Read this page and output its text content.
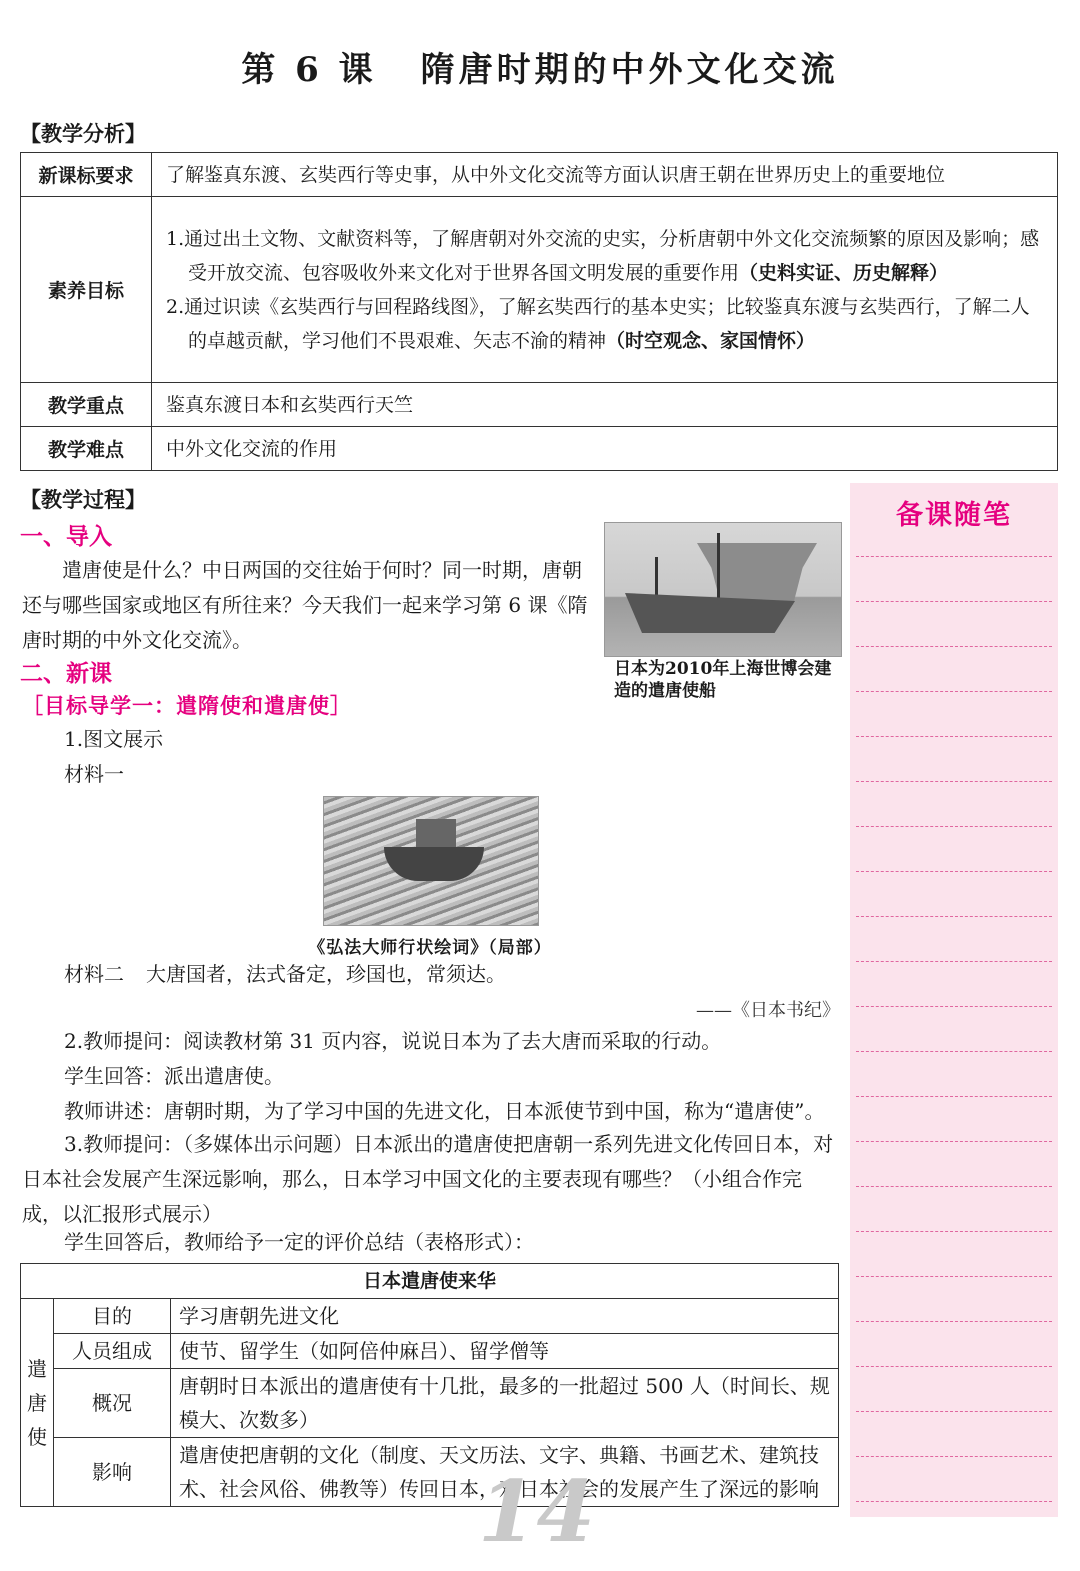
第 6 课 隋唐时期的中外文化交流
【教学分析】
新课标要求	了解鉴真东渡、玄奘西行等史事，从中外文化交流等方面认识唐王朝在世界历史上的重要地位
素养目标	1.通过出土文物、文献资料等，了解唐朝对外交流的史实，分析唐朝中外文化交流频繁的原因及影响；感受开放交流、包容吸收外来文化对于世界各国文明发展的重要作用（史料实证、历史解释）

2.通过识读《玄奘西行与回程路线图》，了解玄奘西行的基本史实；比较鉴真东渡与玄奘西行，了解二人的卓越贡献，学习他们不畏艰难、矢志不渝的精神（时空观念、家国情怀）

教学重点	鉴真东渡日本和玄奘西行天竺
教学难点	中外文化交流的作用
【教学过程】	备课随笔
一、导入
遣唐使是什么？中日两国的交往始于何时？同一时期，唐朝还与哪些国家或地区有所往来？今天我们一起来学习第 6 课《隋唐时期的中外文化交流》。
日本为2010年上海世博会建造的遣唐使船
二、新课
［目标导学一：遣隋使和遣唐使］
1.图文展示
材料一
《弘法大师行状绘词》（局部）
材料二 大唐国者，法式备定，珍国也，常须达。
——《日本书纪》
2.教师提问：阅读教材第 31 页内容，说说日本为了去大唐而采取的行动。
学生回答：派出遣唐使。
教师讲述：唐朝时期，为了学习中国的先进文化，日本派使节到中国，称为“遣唐使”。
3.教师提问：（多媒体出示问题）日本派出的遣唐使把唐朝一系列先进文化传回日本，对日本社会发展产生深远影响，那么，日本学习中国文化的主要表现有哪些？（小组合作完成，以汇报形式展示）
学生回答后，教师给予一定的评价总结（表格形式）：
日本遣唐使来华		
遣
唐
使	目的	学习唐朝先进文化
	人员组成	使节、留学生（如阿倍仲麻吕）、留学僧等
	概况	唐朝时日本派出的遣唐使有十几批，最多的一批超过 500 人（时间长、规模大、次数多）
	影响	遣唐使把唐朝的文化（制度、天文历法、文字、典籍、书画艺术、建筑技术、社会风俗、佛教等）传回日本，对日本社会的发展产生了深远的影响
14
